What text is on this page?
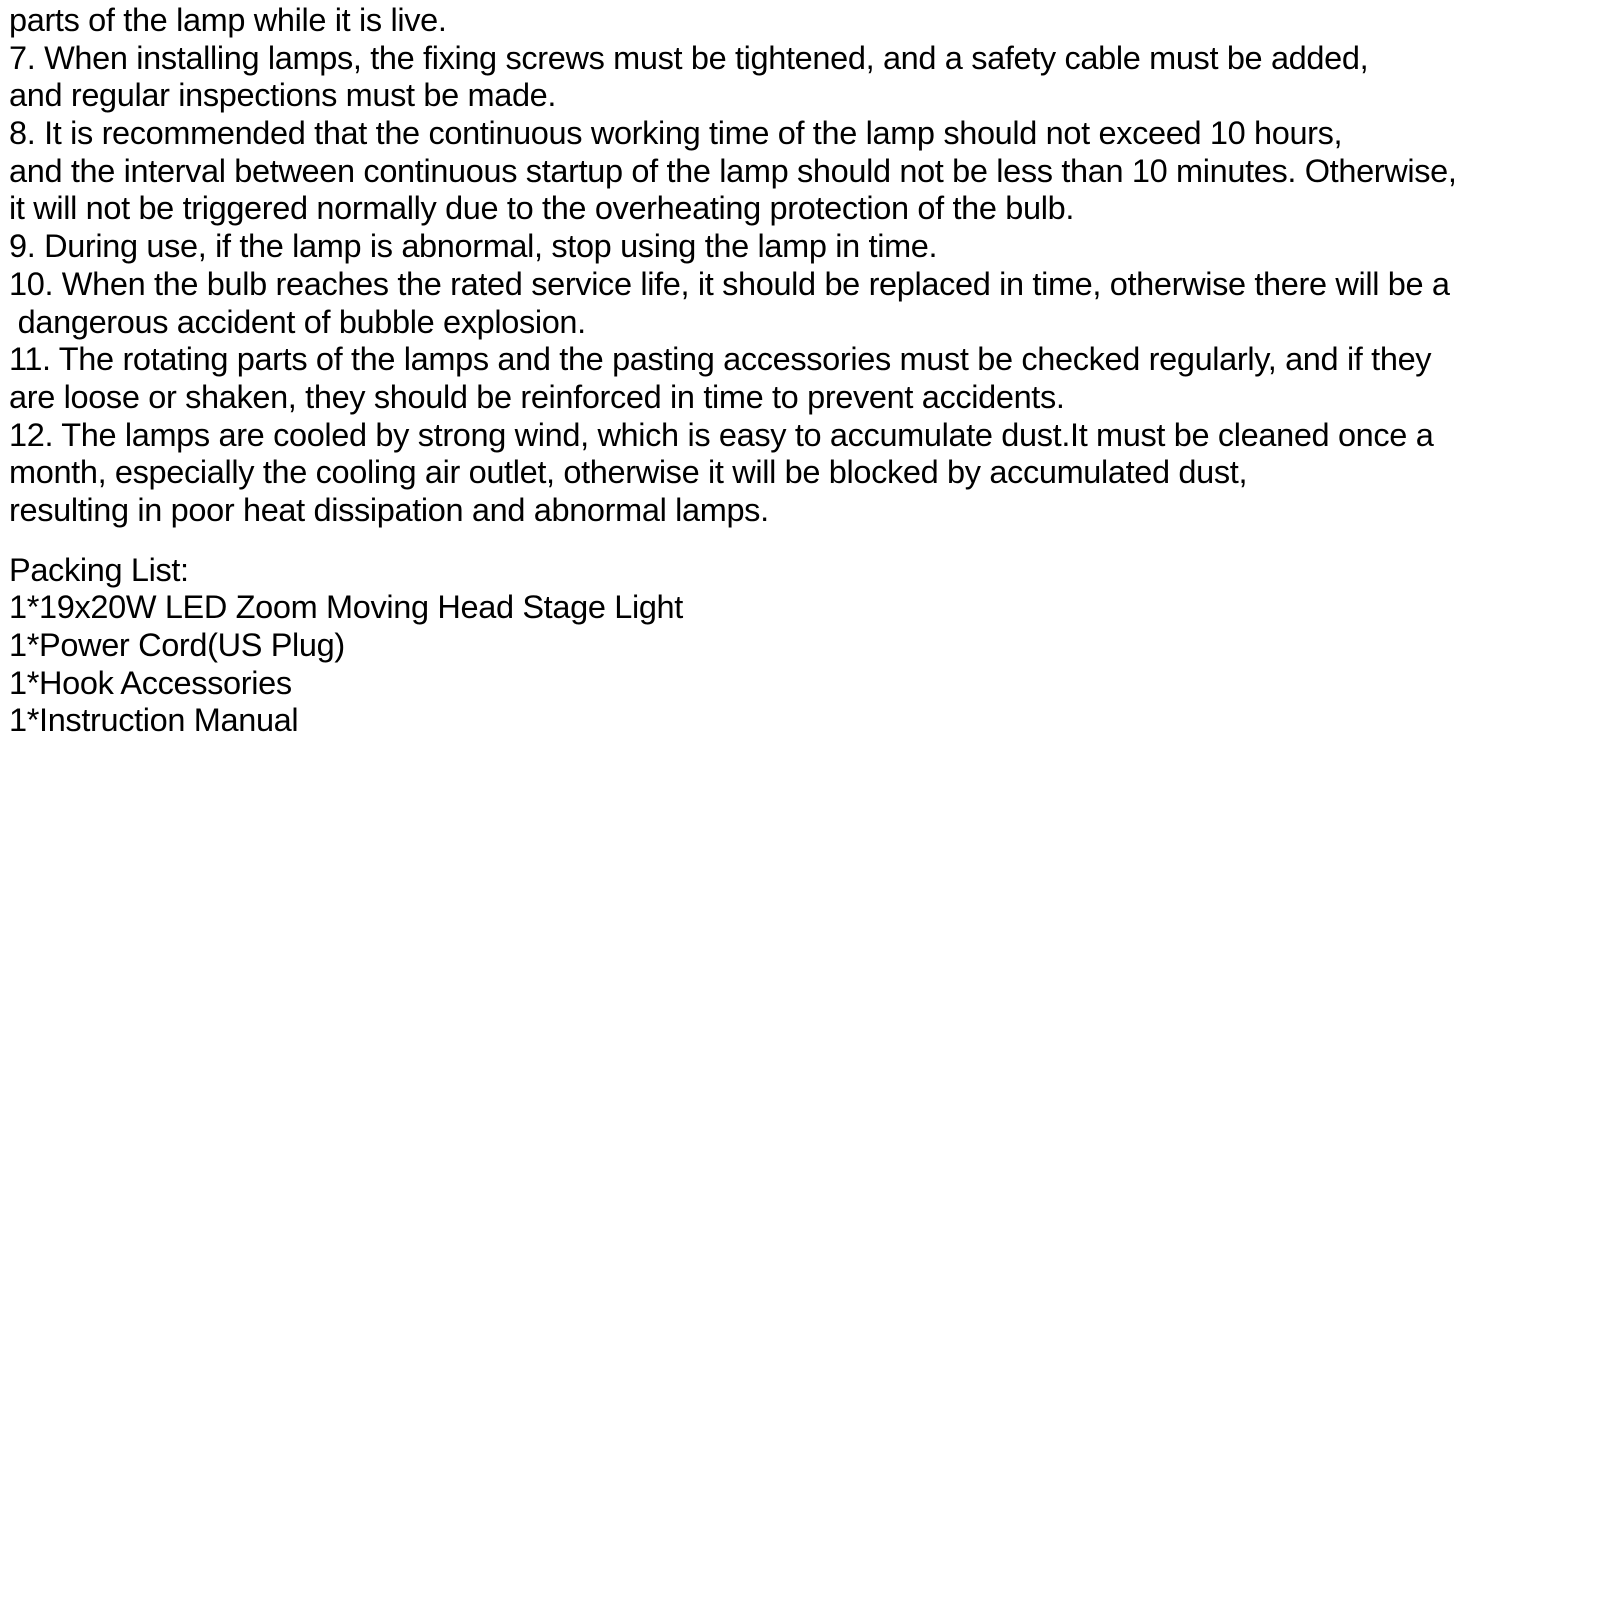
parts of the lamp while it is live.
7. When installing lamps, the fixing screws must be tightened, and a safety cable must be added,
and regular inspections must be made.
8. It is recommended that the continuous working time of the lamp should not exceed 10 hours,
and the interval between continuous startup of the lamp should not be less than 10 minutes. Otherwise,
it will not be triggered normally due to the overheating protection of the bulb.
9. During use, if the lamp is abnormal, stop using the lamp in time.
10. When the bulb reaches the rated service life, it should be replaced in time, otherwise there will be a
dangerous accident of bubble explosion.
11. The rotating parts of the lamps and the pasting accessories must be checked regularly, and if they
are loose or shaken, they should be reinforced in time to prevent accidents.
12. The lamps are cooled by strong wind, which is easy to accumulate dust.It must be cleaned once a
month, especially the cooling air outlet, otherwise it will be blocked by accumulated dust,
resulting in poor heat dissipation and abnormal lamps.
Packing List:
1*19x20W LED Zoom Moving Head Stage Light
1*Power Cord(US Plug)
1*Hook Accessories
1*Instruction Manual
